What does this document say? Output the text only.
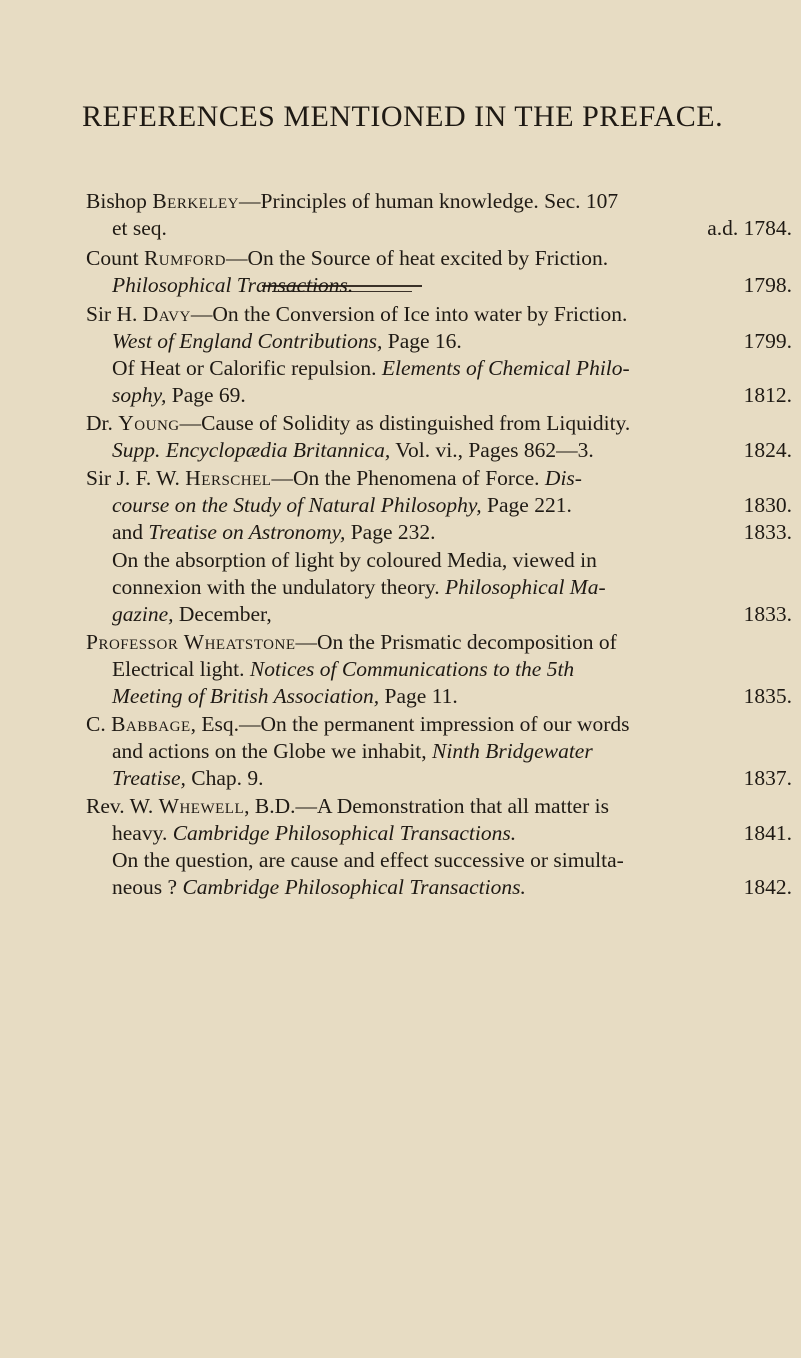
REFERENCES MENTIONED IN THE PREFACE.
Bishop Berkeley—Principles of human knowledge. Sec. 107
et seq.	a.d. 1784.
Count Rumford—On the Source of heat excited by Friction.
Philosophical Transactions.	1798.
Sir H. Davy—On the Conversion of Ice into water by Friction.
West of England Contributions, Page 16.	1799.
Of Heat or Calorific repulsion. Elements of Chemical Philo-
sophy, Page 69.	1812.
Dr. Young—Cause of Solidity as distinguished from Liquidity.
Supp. Encyclopædia Britannica, Vol. vi., Pages 862—3.	1824.
Sir J. F. W. Herschel—On the Phenomena of Force. Dis-
course on the Study of Natural Philosophy, Page 221.	1830.
and Treatise on Astronomy, Page 232.	1833.
On the absorption of light by coloured Media, viewed in
connexion with the undulatory theory. Philosophical Ma-
gazine, December,	1833.
Professor Wheatstone—On the Prismatic decomposition of
Electrical light. Notices of Communications to the 5th
Meeting of British Association, Page 11.	1835.
C. Babbage, Esq.—On the permanent impression of our words
and actions on the Globe we inhabit, Ninth Bridgewater
Treatise, Chap. 9.	1837.
Rev. W. Whewell, B.D.—A Demonstration that all matter is
heavy. Cambridge Philosophical Transactions.	1841.
On the question, are cause and effect successive or simulta-
neous ? Cambridge Philosophical Transactions.	1842.
